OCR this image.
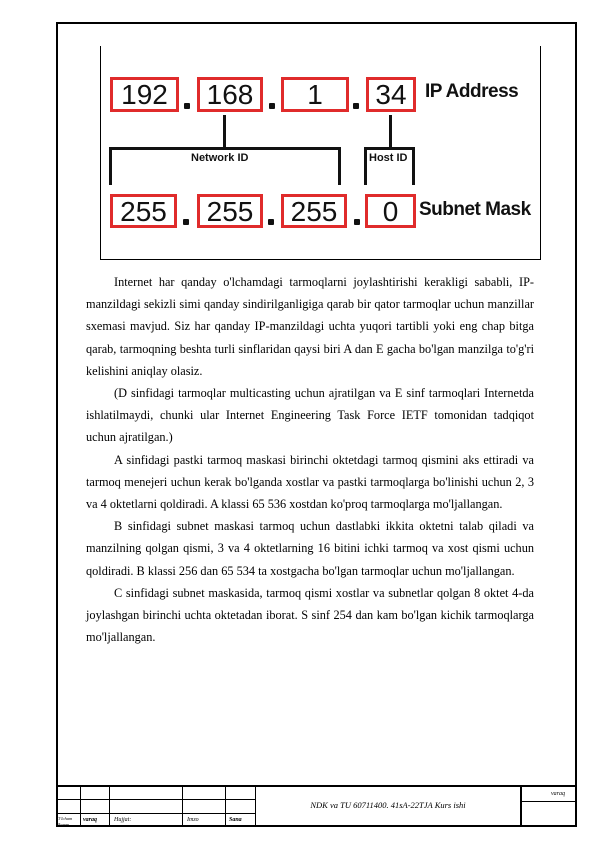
192	168	1	34 IP Address
Network ID	Host ID
255	255	255	0	Subnet Mask

Internet har qanday o'lchamdagi tarmoqlarni joylashtirishi kerakligi sababli, IP-manzildagi sekizli simi qanday sindirilganligiga qarab bir qator tarmoqlar uchun manzillar sxemasi mavjud. Siz har qanday IP-manzildagi uchta yuqori tartibli yoki eng chap bitga qarab, tarmoqning beshta turli sinflaridan qaysi biri A dan E gacha bo'lgan manzilga to'g'ri kelishini aniqlay olasiz.

(D sinfidagi tarmoqlar multicasting uchun ajratilgan va E sinf tarmoqlari Internetda ishlatilmaydi, chunki ular Internet Engineering Task Force IETF tomonidan tadqiqot uchun ajratilgan.)

A sinfidagi pastki tarmoq maskasi birinchi oktetdagi tarmoq qismini aks ettiradi va tarmoq menejeri uchun kerak bo'lganda xostlar va pastki tarmoqlarga bo'linishi uchun 2, 3 va 4 oktetlarni qoldiradi. A klassi 65 536 xostdan ko'proq tarmoqlarga mo'ljallangan.

B sinfidagi subnet maskasi tarmoq uchun dastlabki ikkita oktetni talab qiladi va manzilning qolgan qismi, 3 va 4 oktetlarning 16 bitini ichki tarmoq va xost qismi uchun qoldiradi. B klassi 256 dan 65 534 ta xostgacha bo'lgan tarmoqlar uchun mo'ljallangan.

C sinfidagi subnet maskasida, tarmoq qismi xostlar va subnetlar qolgan 8 oktet 4-da joylashgan birinchi uchta oktetadan iborat. S sinf 254 dan kam bo'lgan kichik tarmoqlarga mo'ljallangan.

varaq
NDK va TU 60711400. 41sA-22TJA Kurs ishi
O'lcham varaq	Hujjat:	Imzo	Sana
Hamm
